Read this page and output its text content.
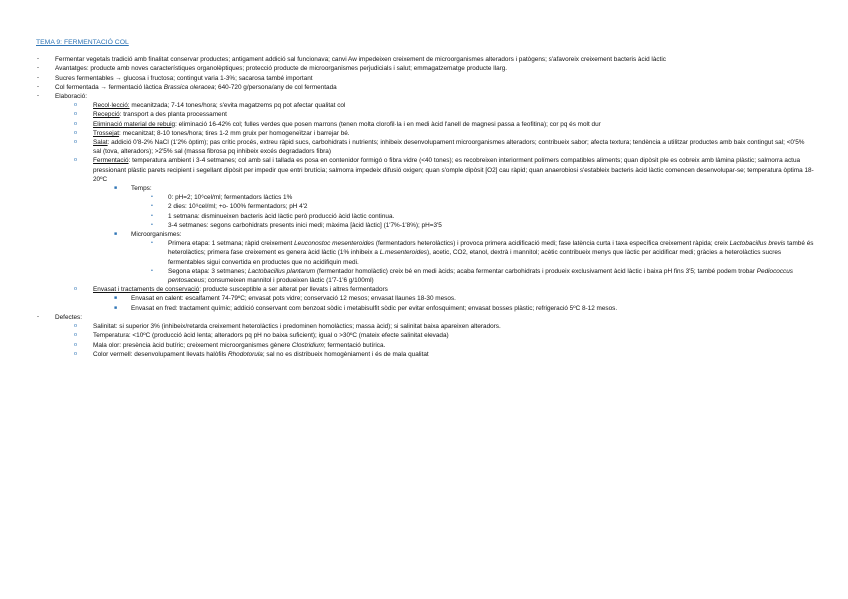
TEMA 9: FERMENTACIÓ COL
-	Fermentar vegetals tradició amb finalitat conservar productes; antigament addició sal funcionava; canvi Aw impedeixen creixement de microorganismes alteradors i patògens; s'afavoreix creixement bacteris àcid làctic
-	Avantatges: producte amb noves característiques organolèptiques; protecció producte de microorganismes perjudicials i salut; emmagatzematge producte llarg.
-	Sucres fermentables → glucosa i fructosa; contingut varia 1-3%; sacarosa també important
-	Col fermentada → fermentació làctica Brassica oleracea; 640-720 g/persona/any de col fermentada
-	Elaboració:
o	Recol·lecció: mecanitzada; 7-14 tones/hora; s'evita magatzems pq pot afectar qualitat col
o	Recepció: transport a des planta processament
o	Eliminació material de rebuig: eliminació 16-42% col; fulles verdes que posen marrons (tenen molta clorofil·la i en medi àcid l'anell de magnesi passa a feofitina); cor pq és molt dur
o	Trossejat: mecanitzat; 8-10 tones/hora; tires 1-2 mm gruix per homogeneïtzar i barrejar bé.
o	Salat: addició 0'8-2% NaCl (1'2% òptim); pas crític procés, extreu ràpid sucs, carbohidrats i nutrients; inhibeix desenvolupament microorganismes alteradors; contribueix sabor; afecta textura; tendència a utilitzar productes amb baix contingut sal; <0'5% sal (tova, alteradors); >2'5% sal (massa fibrosa pq inhibeix excés degradadors fibra)
o	Fermentació: temperatura ambient i 3-4 setmanes; col amb sal i tallada es posa en contenidor formigó o fibra vidre (<40 tones); es recobreixen interiorment polímers compatibles aliments; quan dipòsit ple es cobreix amb làmina plàstic; salmorra actua pressionant plàstic parets recipient i segellant dipòsit per impedir que entri brutícia; salmorra impedeix difusió oxigen; quan s'omple dipòsit [O2] cau ràpid; quan anaerobiosi s'estableix bacteris àcid làctic comencen desenvolupar-se; temperatura òptima 18-20ºC
■ Temps:
• 0: pH=2; 10⁶cel/ml; fermentadors làctics 1%
• 2 dies: 10⁹cel/ml; +o- 100% fermentadors; pH 4'2
• 1 setmana: disminueixen bacteris àcid làctic però producció àcid làctic continua.
• 3-4 setmanes: segons carbohidrats presents inici medi; màxima [àcid làctic] (1'7%-1'8%); pH=3'5
■ Microorganismes:
• Primera etapa: 1 setmana; ràpid creixement Leuconostoc mesenteroides (fermentadors heterolàctics) i provoca primera acidificació medi; fase latència curta i taxa específica creixement ràpida; creix Lactobacillus brevis també és heterolàctics; primera fase creixement es genera àcid làctic (1% inhibeix a L.mesenteroides), acetic, CO2, etanol, dextrà i mannitol; acètic contribueix menys que làctic per acidificar medi; gràcies a heterolàctics sucres fermentables sigui convertida en productes que no acidifiquin medi.
• Segona etapa: 3 setmanes; Lactobacillus plantarum (fermentador homolàctic) creix bé en medi àcids; acaba fermentar carbohidrats i produeix exclusivament àcid làctic i baixa pH fins 3'5; també podem trobar Pediococcus pentosaceus; consumeixen mannitol i produeixen làctic (1'7-1'6 g/100ml)
o	Envasat i tractaments de conservació: producte susceptible a ser alterat per llevats i altres fermentadors
■ Envasat en calent: escalfament 74-79ºC; envasat pots vidre; conservació 12 mesos; envasat llaunes 18-30 mesos.
■ Envasat en fred: tractament químic; addició conservant com benzoat sòdic i metabisulfit sòdic per evitar enfosquiment; envasat bosses plàstic; refrigeració 5ºC 8-12 mesos.
-	Defectes:
o	Salinitat: si superior 3% (inhibeix/retarda creixement heterolàctics i predominen homolàctics; massa àcid); si salinitat baixa apareixen alteradors.
o	Temperatura: <10ºC (producció àcid lenta; alteradors pq pH no baixa suficient); igual o >30ºC (mateix efecte salinitat elevada)
o	Mala olor: presència àcid butíric; creixement microorganismes gènere Clostridium; fermentació butírica.
o	Color vermell: desenvolupament llevats halòfils Rhodotorula; sal no es distribueix homogèniament i és de mala qualitat
